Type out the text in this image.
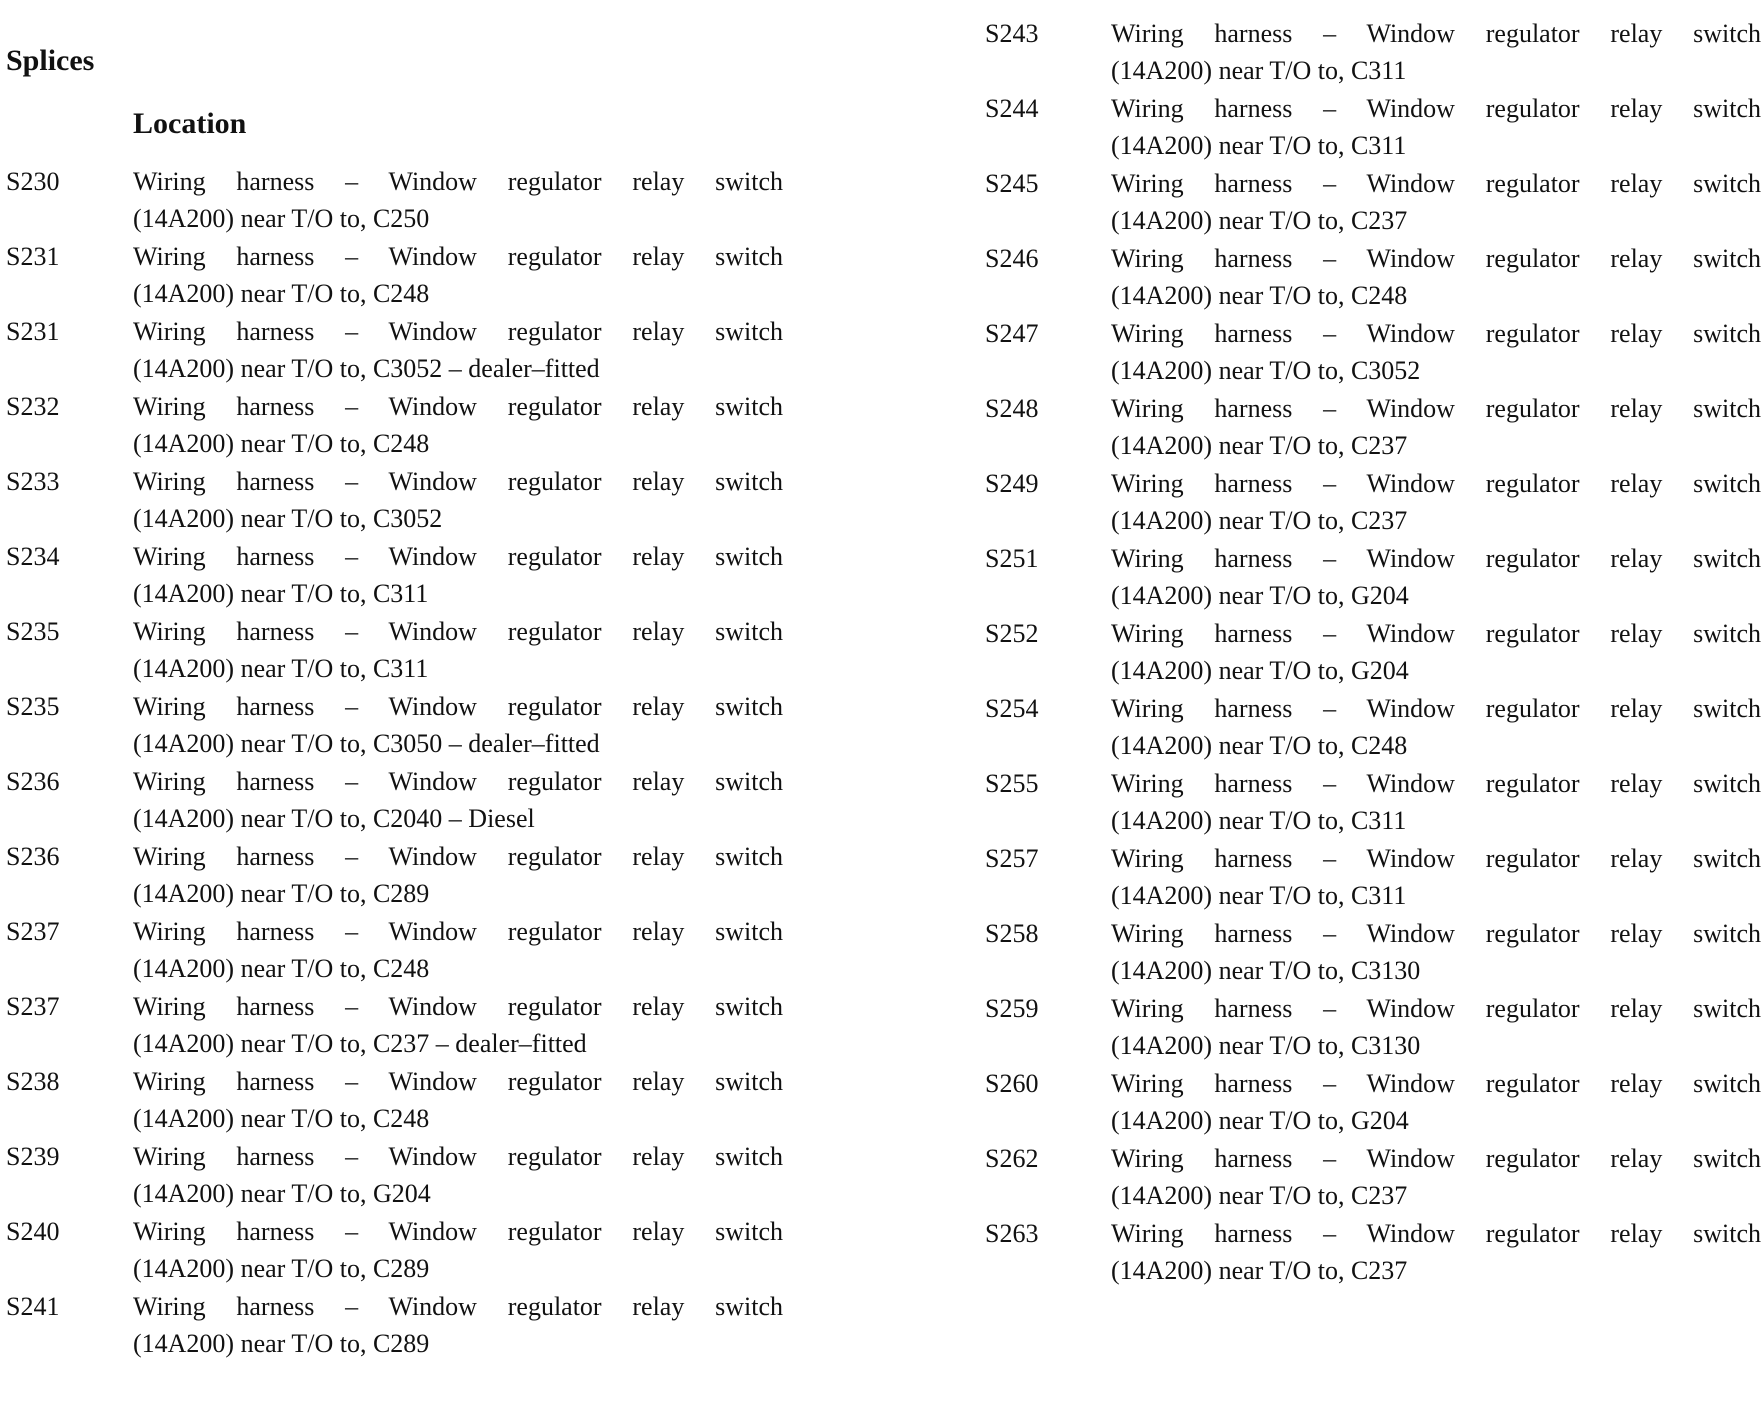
Splices
Location
S230	Wiring harness – Window regulator relay switch
(14A200) near T/O to, C250
S231	Wiring harness – Window regulator relay switch
(14A200) near T/O to, C248
S231	Wiring harness – Window regulator relay switch
(14A200) near T/O to, C3052 – dealer–fitted
S232	Wiring harness – Window regulator relay switch
(14A200) near T/O to, C248
S233	Wiring harness – Window regulator relay switch
(14A200) near T/O to, C3052
S234	Wiring harness – Window regulator relay switch
(14A200) near T/O to, C311
S235	Wiring harness – Window regulator relay switch
(14A200) near T/O to, C311
S235	Wiring harness – Window regulator relay switch
(14A200) near T/O to, C3050 – dealer–fitted
S236	Wiring harness – Window regulator relay switch
(14A200) near T/O to, C2040 – Diesel
S236	Wiring harness – Window regulator relay switch
(14A200) near T/O to, C289
S237	Wiring harness – Window regulator relay switch
(14A200) near T/O to, C248
S237	Wiring harness – Window regulator relay switch
(14A200) near T/O to, C237 – dealer–fitted
S238	Wiring harness – Window regulator relay switch
(14A200) near T/O to, C248
S239	Wiring harness – Window regulator relay switch
(14A200) near T/O to, G204
S240	Wiring harness – Window regulator relay switch
(14A200) near T/O to, C289
S241	Wiring harness – Window regulator relay switch
(14A200) near T/O to, C289
S243	Wiring harness – Window regulator relay switch
(14A200) near T/O to, C311
S244	Wiring harness – Window regulator relay switch
(14A200) near T/O to, C311
S245	Wiring harness – Window regulator relay switch
(14A200) near T/O to, C237
S246	Wiring harness – Window regulator relay switch
(14A200) near T/O to, C248
S247	Wiring harness – Window regulator relay switch
(14A200) near T/O to, C3052
S248	Wiring harness – Window regulator relay switch
(14A200) near T/O to, C237
S249	Wiring harness – Window regulator relay switch
(14A200) near T/O to, C237
S251	Wiring harness – Window regulator relay switch
(14A200) near T/O to, G204
S252	Wiring harness – Window regulator relay switch
(14A200) near T/O to, G204
S254	Wiring harness – Window regulator relay switch
(14A200) near T/O to, C248
S255	Wiring harness – Window regulator relay switch
(14A200) near T/O to, C311
S257	Wiring harness – Window regulator relay switch
(14A200) near T/O to, C311
S258	Wiring harness – Window regulator relay switch
(14A200) near T/O to, C3130
S259	Wiring harness – Window regulator relay switch
(14A200) near T/O to, C3130
S260	Wiring harness – Window regulator relay switch
(14A200) near T/O to, G204
S262	Wiring harness – Window regulator relay switch
(14A200) near T/O to, C237
S263	Wiring harness – Window regulator relay switch
(14A200) near T/O to, C237
